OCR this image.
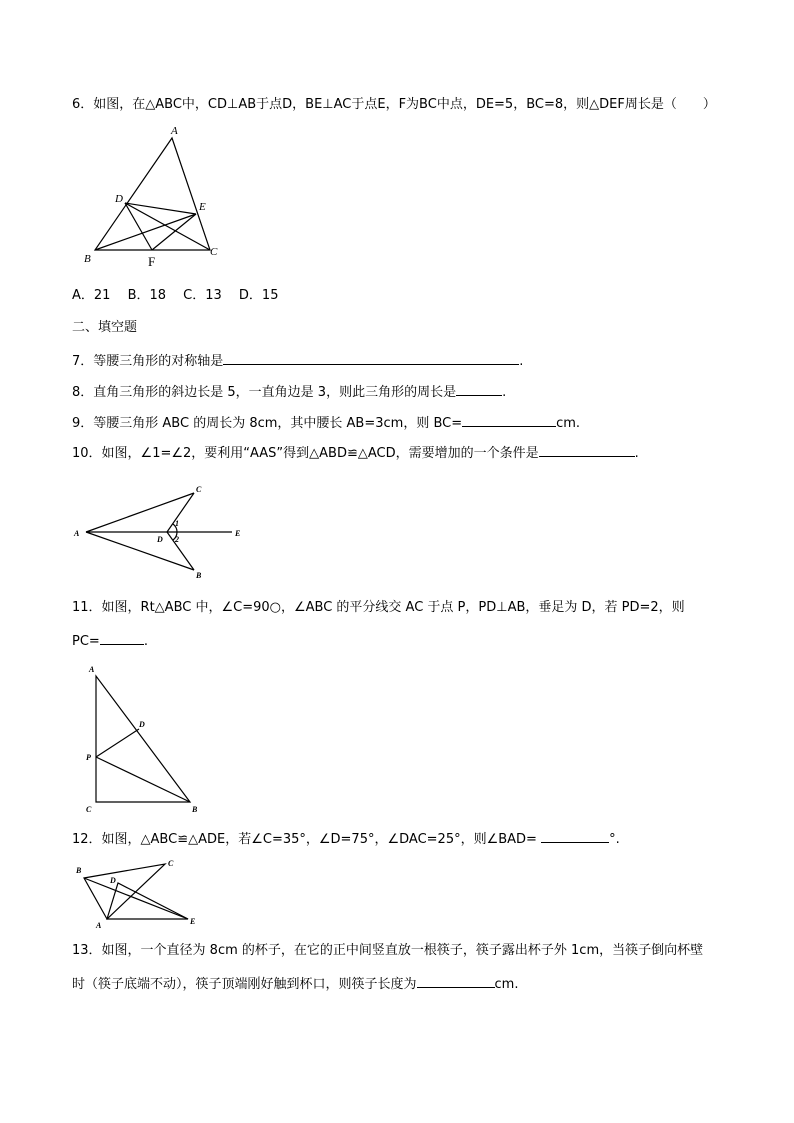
6．如图，在△ABC中，CD⊥AB于点D，BE⊥AC于点E，F为BC中点，DE=5，BC=8，则△DEF周长是（　　）
A
B
C
D
E
F
A．21　 B．18　 C．13　 D．15
二、填空题
7．等腰三角形的对称轴是	.
8．直角三角形的斜边长是 5，一直角边是 3，则此三角形的周长是	.
9．等腰三角形 ABC 的周长为 8cm，其中腰长 AB=3cm，则 BC=	cm.
10．如图，∠1=∠2，要利用“AAS”得到△ABD≌△ACD，需要增加的一个条件是	.
A
C
B
D
E
1
2
11．如图，Rt△ABC 中，∠C=90○，∠ABC 的平分线交 AC 于点 P，PD⊥AB，垂足为 D，若 PD=2，则
PC=	.
A
C	B
D
P
12．如图，△ABC≌△ADE，若∠C=35°，∠D=75°，∠DAC=25°，则∠BAD=	°.
B
C
D
A	E
13．如图，一个直径为 8cm 的杯子，在它的正中间竖直放一根筷子，筷子露出杯子外 1cm，当筷子倒向杯壁
时（筷子底端不动），筷子顶端刚好触到杯口，则筷子长度为	cm.
